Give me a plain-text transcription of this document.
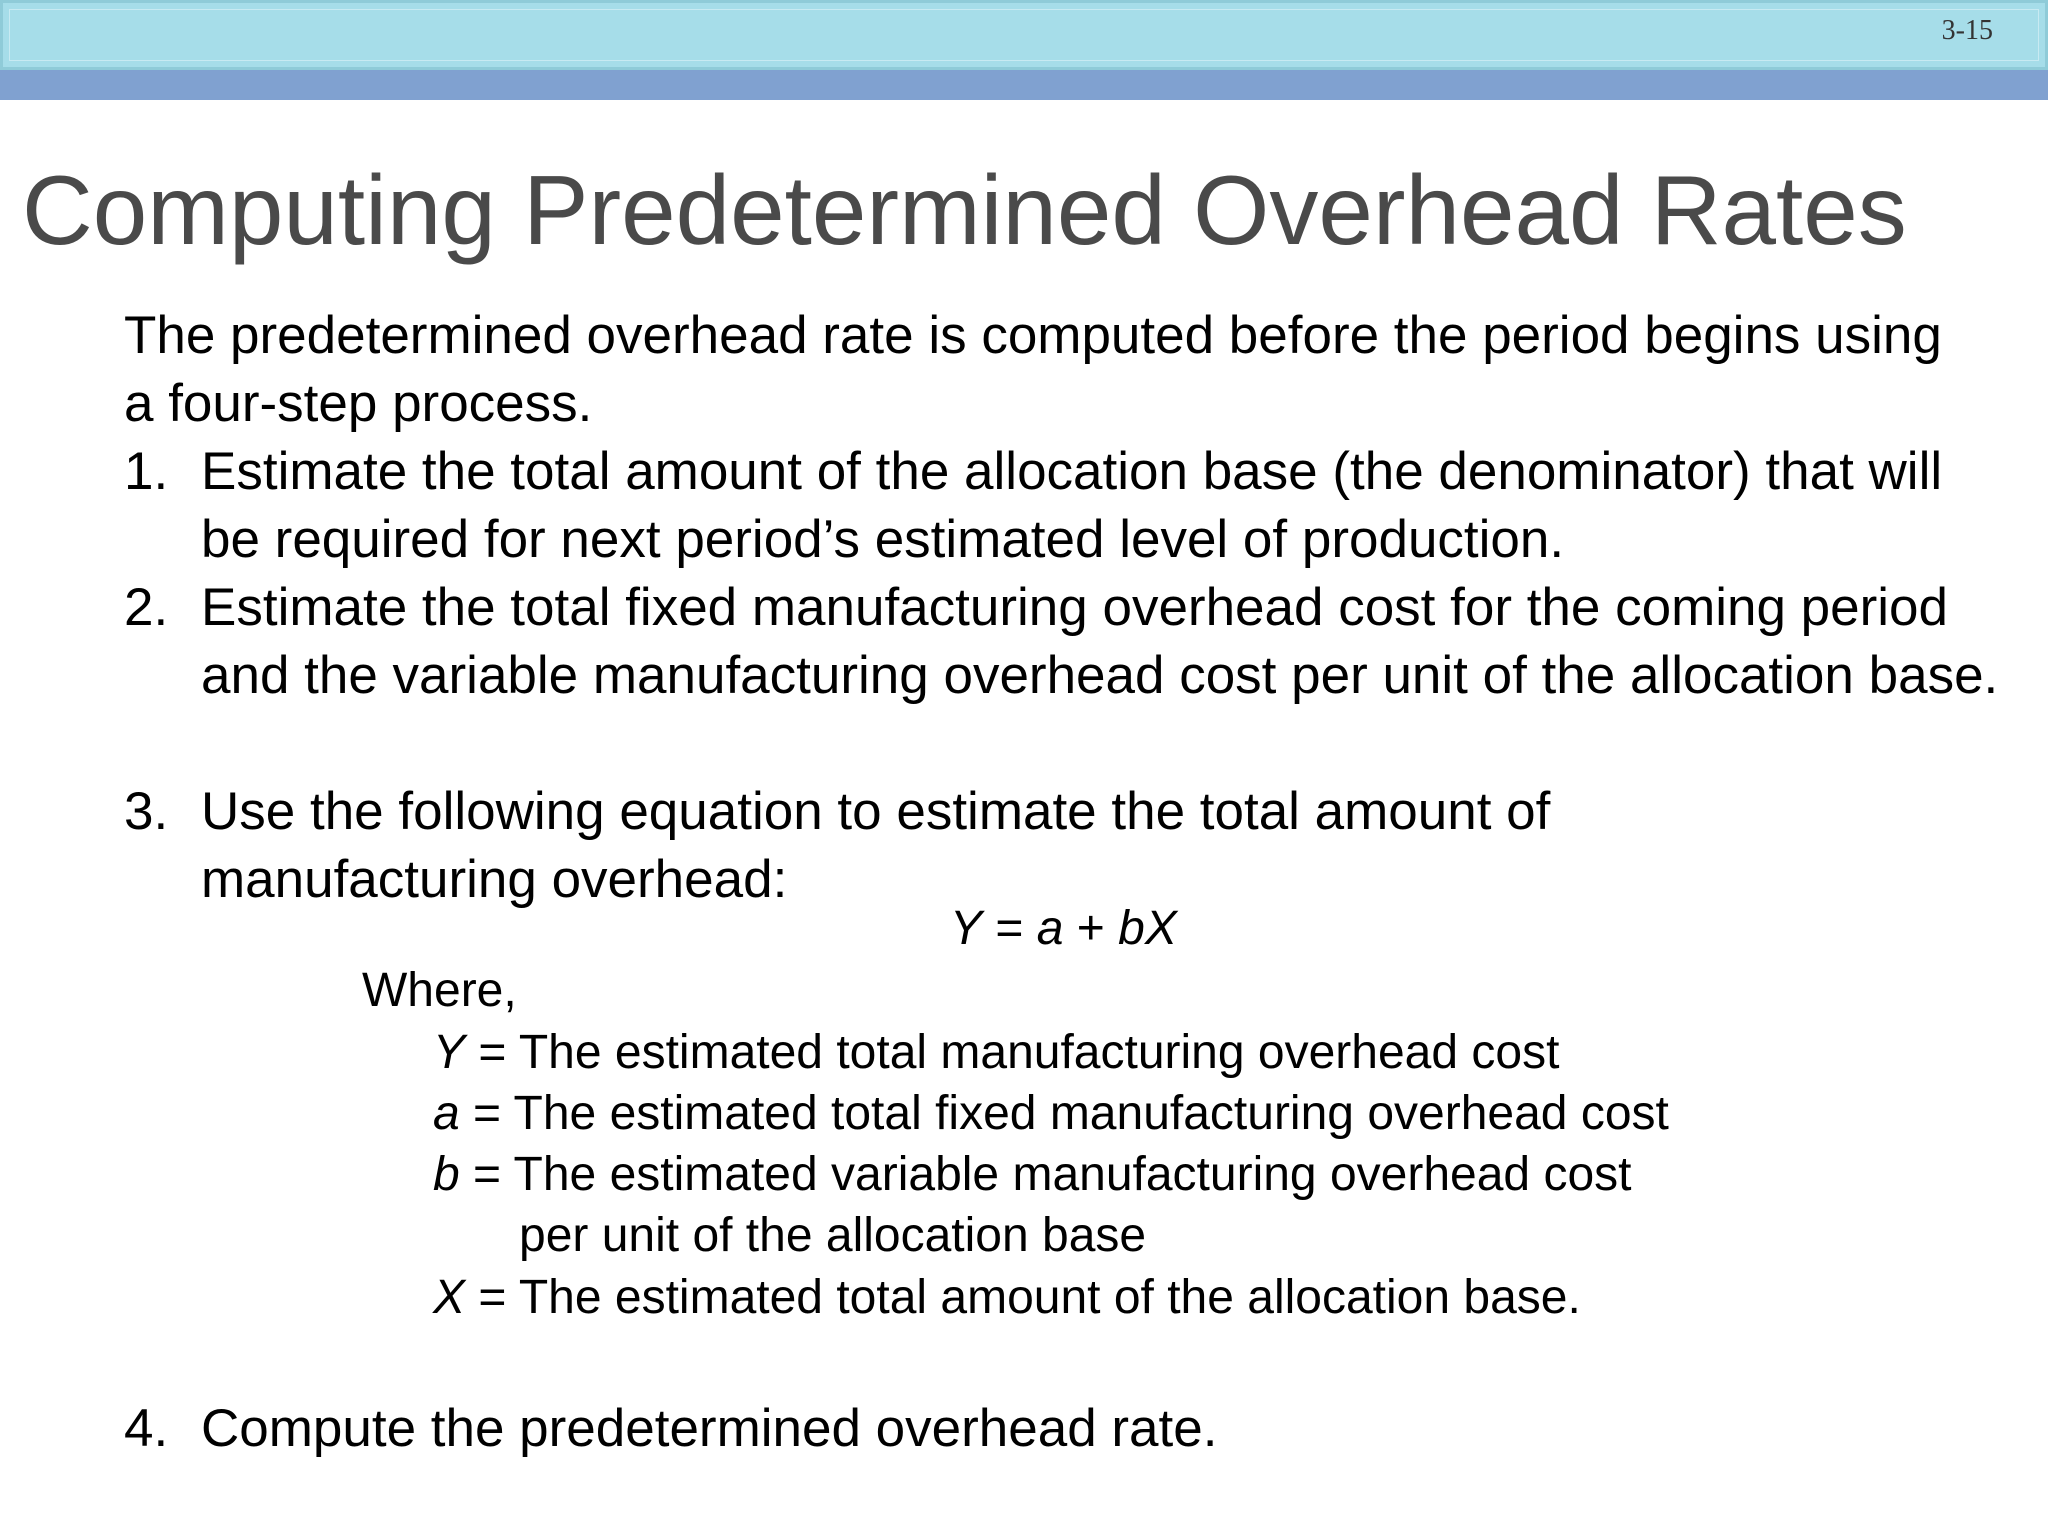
3-15
Computing Predetermined Overhead Rates
The predetermined overhead rate is computed before the period begins using a four-step process.
1. Estimate the total amount of the allocation base (the denominator) that will be required for next period’s estimated level of production.
2. Estimate the total fixed manufacturing overhead cost for the coming period and the variable manufacturing overhead cost per unit of the allocation base.
3. Use the following equation to estimate the total amount of manufacturing overhead:
Y = a + bX
Where,
Y = The estimated total manufacturing overhead cost
a = The estimated total fixed manufacturing overhead cost
b = The estimated variable manufacturing overhead cost
per unit of the allocation base
X = The estimated total amount of the allocation base.
4. Compute the predetermined overhead rate.
